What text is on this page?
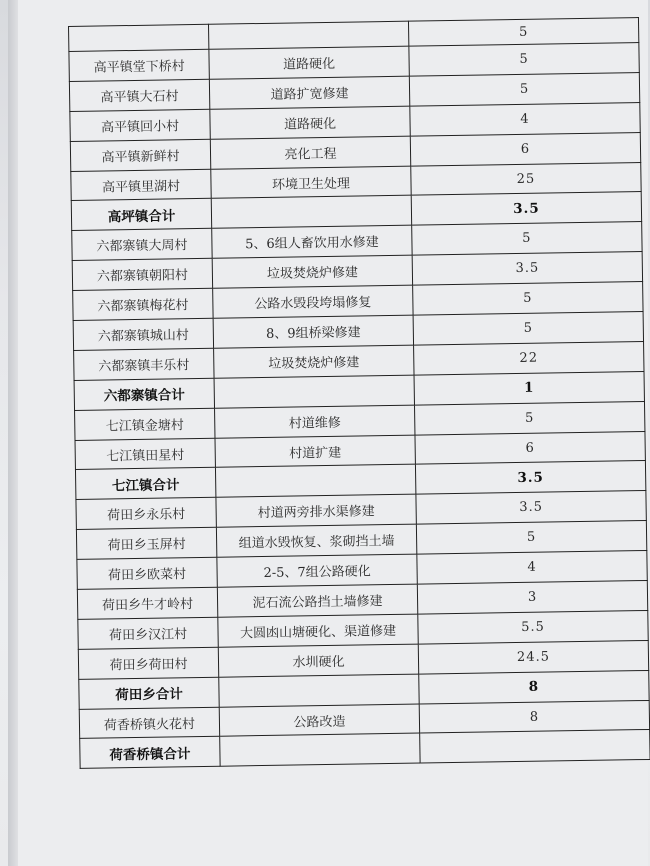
		5
高平镇堂下桥村	道路硬化	5
高平镇大石村	道路扩宽修建	5
高平镇回小村	道路硬化	4
高平镇新鲜村	亮化工程	6
高平镇里湖村	环境卫生处理	25
高坪镇合计		3.5
六都寨镇大周村	5、6组人畜饮用水修建	5
六都寨镇朝阳村	垃圾焚烧炉修建	3.5
六都寨镇梅花村	公路水毁段垮塌修复	5
六都寨镇城山村	8、9组桥梁修建	5
六都寨镇丰乐村	垃圾焚烧炉修建	22
六都寨镇合计		1
七江镇金塘村	村道维修	5
七江镇田星村	村道扩建	6
七江镇合计		3.5
荷田乡永乐村	村道两旁排水渠修建	3.5
荷田乡玉屏村	组道水毁恢复、浆砌挡土墙	5
荷田乡欧菜村	2-5、7组公路硬化	4
荷田乡牛才岭村	泥石流公路挡土墙修建	3
荷田乡汉江村	大圆凼山塘硬化、渠道修建	5.5
荷田乡荷田村	水圳硬化	24.5
荷田乡合计		8
荷香桥镇火花村	公路改造	8
荷香桥镇合计		
